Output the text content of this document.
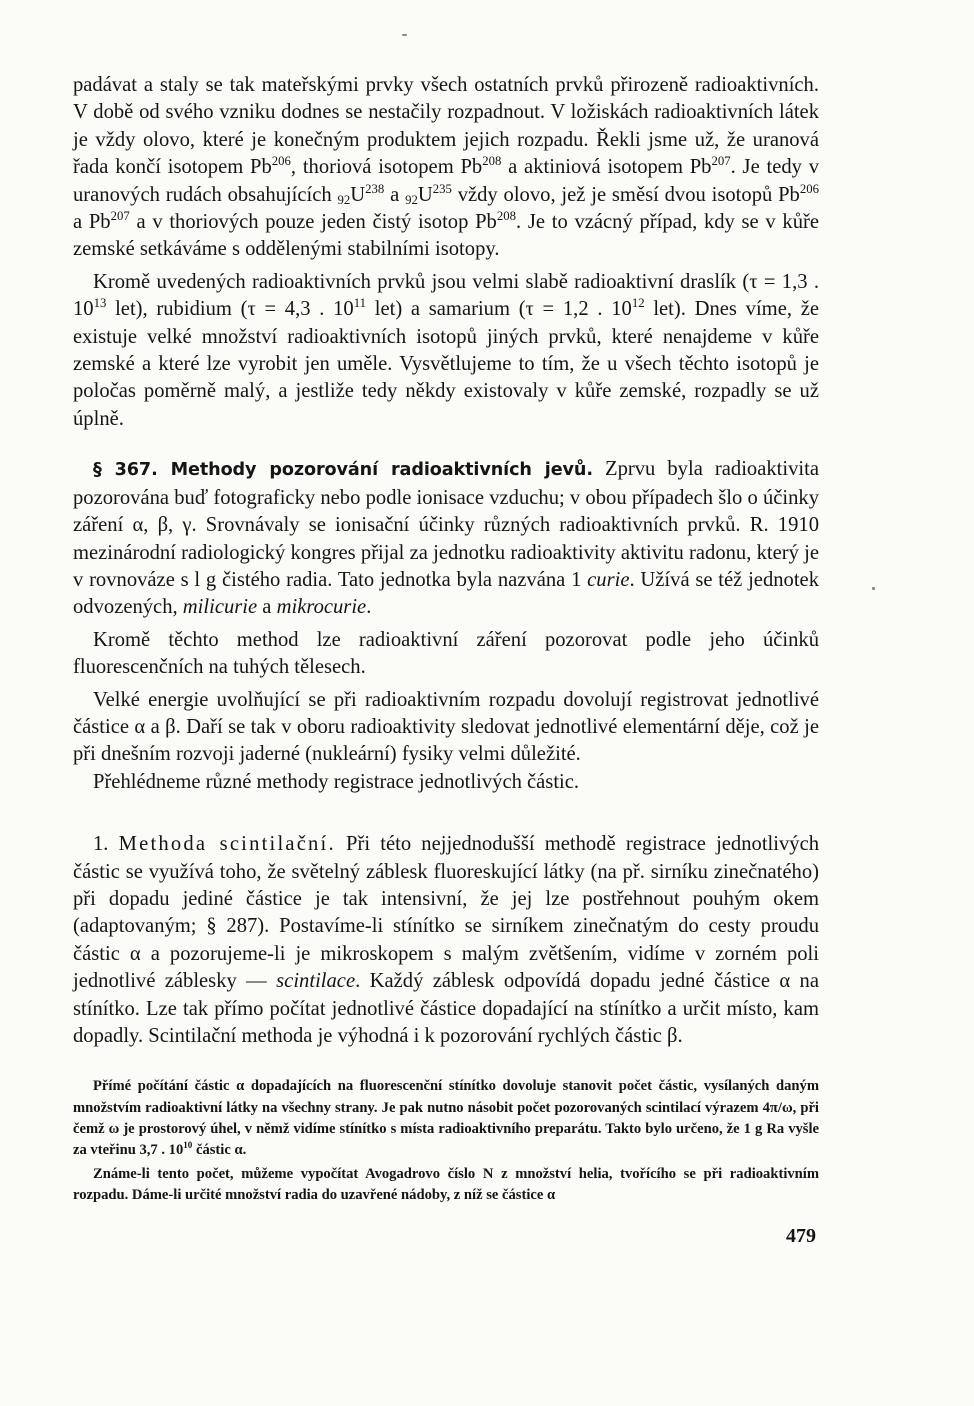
padávat a staly se tak mateřskými prvky všech ostatních prvků přirozeně radioaktivních. V době od svého vzniku dodnes se nestačily rozpadnout. V ložiskách radioaktivních látek je vždy olovo, které je konečným produktem jejich rozpadu. Řekli jsme už, že uranová řada končí isotopem Pb$^{206}$, thoriová isotopem Pb$^{208}$ a aktiniová isotopem Pb$^{207}$. Je tedy v uranových rudách obsahujících $_{92}U^{238}$ a $_{92}U^{235}$ vždy olovo, jež je směsí dvou isotopů Pb$^{206}$ a Pb$^{207}$ a v thoriových pouze jeden čistý isotop Pb$^{208}$. Je to vzácný případ, kdy se v kůře zemské setkáváme s oddělenými stabilními isotopy.

Kromě uvedených radioaktivních prvků jsou velmi slabě radioaktivní draslík (τ = 1,3 . $10^{13}$ let), rubidium (τ = 4,3 . $10^{11}$ let) a samarium (τ = 1,2 . $10^{12}$ let). Dnes víme, že existuje velké množství radioaktivních isotopů jiných prvků, které nenajdeme v kůře zemské a které lze vyrobit jen uměle. Vysvětlujeme to tím, že u všech těchto isotopů je poločas poměrně malý, a jestliže tedy někdy existovaly v kůře zemské, rozpadly se už úplně.

§ 367. Methody pozorování radioaktivních jevů. Zprvu byla radioaktivita pozorována buď fotograficky nebo podle ionisace vzduchu; v obou případech šlo o účinky záření α, β, γ. Srovnávaly se ionisační účinky různých radioaktivních prvků. R. 1910 mezinárodní radiologický kongres přijal za jednotku radioaktivity aktivitu radonu, který je v rovnováze s l g čistého radia. Tato jednotka byla nazvána 1 curie. Užívá se též jednotek odvozených, milicurie a mikrocurie.

Kromě těchto method lze radioaktivní záření pozorovat podle jeho účinků fluorescenčních na tuhých tělesech.

Velké energie uvolňující se při radioaktivním rozpadu dovolují registrovat jednotlivé částice α a β. Daří se tak v oboru radioaktivity sledovat jednotlivé elementární děje, což je při dnešním rozvoji jaderné (nukleární) fysiky velmi důležité.

Přehlédneme různé methody registrace jednotlivých částic.

1. Methoda scintilační. Při této nejjednodušší methodě registrace jednotlivých částic se využívá toho, že světelný záblesk fluoreskující látky (na př. sirníku zinečnatého) při dopadu jediné částice je tak intensivní, že jej lze postřehnout pouhým okem (adaptovaným; § 287). Postavíme-li stínítko se sirníkem zinečnatým do cesty proudu částic α a pozorujeme-li je mikroskopem s malým zvětšením, vidíme v zorném poli jednotlivé záblesky — scintilace. Každý záblesk odpovídá dopadu jedné částice α na stínítko. Lze tak přímo počítat jednotlivé částice dopadající na stínítko a určit místo, kam dopadly. Scintilační methoda je výhodná i k pozorování rychlých částic β.

Přímé počítání částic α dopadajících na fluorescenční stínítko dovoluje stanovit počet částic, vysílaných daným množstvím radioaktivní látky na všechny strany. Je pak nutno násobit počet pozorovaných scintilací výrazem 4π/ω, při čemž ω je prostorový úhel, v němž vidíme stínítko s místa radioaktivního preparátu. Takto bylo určeno, že 1 g Ra vyšle za vteřinu 3,7 . $10^{10}$ částic α.

Známe-li tento počet, můžeme vypočítat Avogadrovo číslo N z množství helia, tvořícího se při radioaktivním rozpadu. Dáme-li určité množství radia do uzavřené nádoby, z níž se částice α

479
